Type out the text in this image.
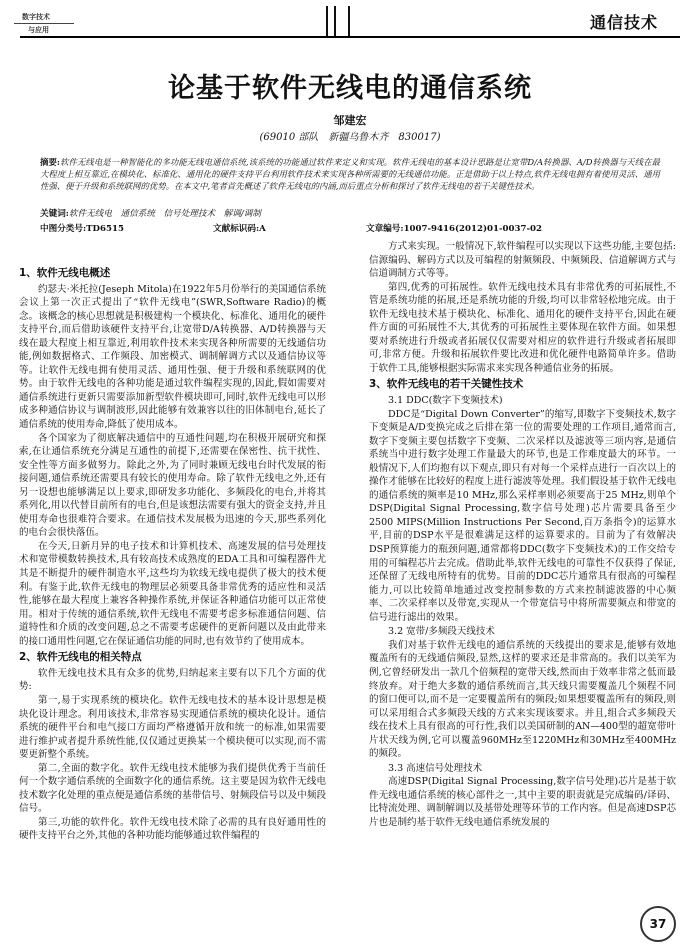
数字技术
与应用	通信技术
论基于软件无线电的通信系统
邹建宏
(69010 部队　新疆乌鲁木齐　830017)
摘要:软件无线电是一种智能化的多功能无线电通信系统,该系统的功能通过软件来定义和实现。软件无线电的基本设计思路是让宽带D/A转换器、A/D转换器与天线在最大程度上相互靠近,在模块化、标准化、通用化的硬件支持平台利用软件技术来实现各种所需要的无线通信功能。正是借助于以上特点,软件无线电拥有着使用灵活、通用性强、便于升级和系统联网的优势。在本文中,笔者首先概述了软件无线电的内涵,而后重点分析和探讨了软件无线电的若干关键性技术。
关键词:软件无线电　通信系统　信号处理技术　解调/调制
中图分类号:TD6515	文献标识码:A	文章编号:1007-9416(2012)01-0037-02
1、软件无线电概述

约瑟夫·米托拉(Jeseph Mitola)在1922年5月份举行的美国通信系统会议上第一次正式提出了“软件无线电”(SWR,Software Radio)的概念。该概念的核心思想就是积极建构一个模块化、标准化、通用化的硬件支持平台,而后借助该硬件支持平台,让宽带D/A转换器、A/D转换器与天线在最大程度上相互靠近,利用软件技术来实现各种所需要的无线通信功能,例如数据格式、工作频段、加密模式、调制解调方式以及通信协议等等。让软件无线电拥有使用灵活、通用性强、便于升级和系统联网的优势。由于软件无线电的各种功能是通过软件编程实现的,因此,假如需要对通信系统进行更新只需要添加新型软件模块即可,同时,软件无线电可以形成多种通信协议与调制波形,因此能够有效兼容以往的旧体制电台,延长了通信系统的使用寿命,降低了使用成本。

各个国家为了彻底解决通信中的互通性问题,均在积极开展研究和探索,在让通信系统充分满足互通性的前提下,还需要在保密性、抗干扰性、安全性等方面多做努力。除此之外,为了同时兼顾无线电台时代发展的衔接问题,通信系统还需要具有较长的使用寿命。除了软件无线电之外,还有另一设想也能够满足以上要求,即研发多功能化、多频段化的电台,并将其系列化,用以代替目前所有的电台,但是该想法需要有强大的资金支持,并且使用寿命也很难符合要求。在通信技术发展极为迅速的今天,那些系列化的电台会很快落伍。

在今天,日新月异的电子技术和计算机技术、高速发展的信号处理技术和宽带模数转换技术,具有较高技术成熟度的EDA工具和可编程器件尤其是不断提升的硬件制造水平,这些均为软线无线电提供了极大的技术便利。有鉴于此,软件无线电的物理层必须要具备非常优秀的适应性和灵活性,能够在最大程度上兼容各种操作系统,并保证各种通信功能可以正常使用。相对于传统的通信系统,软件无线电不需要考虑多标准通信问题、信道特性和介质的改变问题,总之不需要考虑硬件的更新问题以及由此带来的接口通用性问题,它在保证通信功能的同时,也有效节约了使用成本。

2、软件无线电的相关特点

软件无线电技术具有众多的优势,归纳起来主要有以下几个方面的优势:

第一,易于实现系统的模块化。软件无线电技术的基本设计思想是模块化设计理念。利用该技术,非常容易实现通信系统的模块化设计。通信系统的硬件平台和电气接口方面均严格遵循开放和统一的标准,如果需要进行维护或者提升系统性能,仅仅通过更换某一个模块便可以实现,而不需要更新整个系统。

第二,全面的数字化。软件无线电技术能够为我们提供优秀于当前任何一个数字通信系统的全面数字化的通信系统。这主要是因为软件无线电技术数字化处理的重点便是通信系统的基带信号、射频段信号以及中频段信号。

第三,功能的软件化。软件无线电技术除了必需的具有良好通用性的硬件支持平台之外,其他的各种功能均能够通过软件编程的

方式来实现。一般情况下,软件编程可以实现以下这些功能,主要包括:信源编码、解码方式以及可编程的射频频段、中频频段、信道解调方式与信道调制方式等等。

第四,优秀的可拓展性。软件无线电技术具有非常优秀的可拓展性,不管是系统功能的拓展,还是系统功能的升级,均可以非常轻松地完成。由于软件无线电技术基于模块化、标准化、通用化的硬件支持平台,因此在硬件方面的可拓展性不大,其优秀的可拓展性主要体现在软件方面。如果想要对系统进行升级或者拓展仅仅需要对相应的软件进行升级或者拓展即可,非常方便。升级和拓展软件要比改进和优化硬件电路简单许多。借助于软件工具,能够根据实际需求来实现各种通信业务的拓展。

3、软件无线电的若干关键性技术
3.1 DDC(数字下变频技术)

DDC是“Digital Down Converter”的缩写,即数字下变频技术,数字下变频是A/D变换完成之后排在第一位的需要处理的工作项目,通常而言,数字下变频主要包括数字下变频、二次采样以及滤波等三项内容,是通信系统当中进行数字处理工作量最大的环节,也是工作难度最大的环节。一般情况下,人们均抱有以下观点,即只有对每一个采样点进行一百次以上的操作才能够在比较好的程度上进行滤波等处理。我们假设基于软件无线电的通信系统的频率是10 MHz,那么采样率则必须要高于25 MHz,则单个DSP(Digital Signal Processing,数字信号处理)芯片需要具备至少2500 MIPS(Million Instructions Per Second,百万条指令)的运算水平,目前的DSP水平是很难满足这样的运算要求的。目前为了有效解决DSP预算能力的瓶颈问题,通常都将DDC(数字下变频技术)的工作交给专用的可编程芯片去完成。借助此举,软件无线电的可靠性不仅获得了保证,还保留了无线电所特有的优势。目前的DDC芯片通常具有很高的可编程能力,可以比较简单地通过改变控制参数的方式来控制滤波器的中心频率、二次采样率以及带宽,实现从一个带宽信号中将所需要频点和带宽的信号进行滤出的效果。

3.2 宽带/多频段天线技术

我们对基于软件无线电的通信系统的天线提出的要求是,能够有效地覆盖所有的无线通信频段,显然,这样的要求还是非常高的。我们以美军为例,它曾经研发出一款几个倍频程的宽带天线,然而由于效率非常之低而最终放弃。对于绝大多数的通信系统而言,其天线只需要覆盖几个频程不同的窗口便可以,而不是一定要覆盖所有的频段;如果想要覆盖所有的频段,则可以采用组合式多频段天线的方式来实现该要求。并且,组合式多频段天线在技术上具有很高的可行性,我们以美国研制的AN—400型的超宽带叶片状天线为例,它可以覆盖960MHz至1220MHz和30MHz至400MHz的频段。

3.3 高速信号处理技术

高速DSP(Digital Signal Processing,数字信号处理)芯片是基于软件无线电通信系统的核心部件之一,其中主要的职责就是完成编码/译码、比特流处理、调制解调以及基带处理等环节的工作内容。但是高速DSP芯片也是制约基于软件无线电通信系统发展的

37
